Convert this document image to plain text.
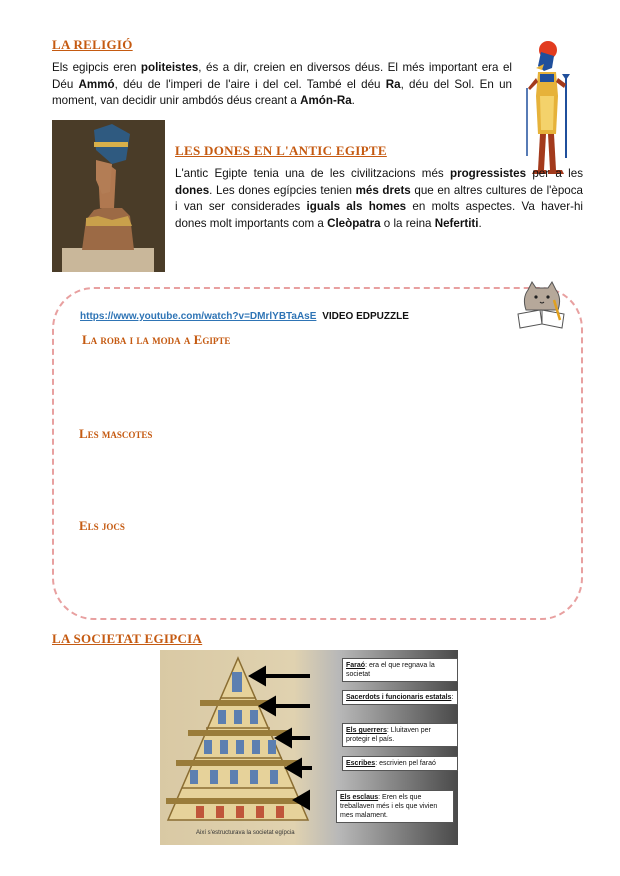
LA RELIGIÓ

Els egipcis eren politeistes, és a dir, creien en diversos déus. El més important era el Déu Ammó, déu de l'imperi de l'aire i del cel. També el déu Ra, déu del Sol. En un moment, van decidir unir ambdós déus creant a Amón-Ra.

LES DONES EN L'ANTIC EGIPTE

L'antic Egipte tenia una de les civilitzacions més progressistes per a les dones. Les dones egípcies tenien més drets que en altres cultures de l'època i van ser considerades iguals als homes en molts aspectes. Va haver-hi dones molt importants com a Cleòpatra o la reina Nefertiti.

https://www.youtube.com/watch?v=DMrlYBTaAsE VIDEO EDPUZZLE
La roba i la moda a Egipte
Les mascotes
Els jocs
LA SOCIETAT EGIPCIA
Així s'estructurava la societat egípcia
Faraó: era el que regnava la societat
Sacerdots i funcionaris estatals:
Els guerrers: Lluitaven per protegir el país.
Escribes: escrivien pel faraó
Els esclaus: Eren els que treballaven més i els que vivien mes malament.
